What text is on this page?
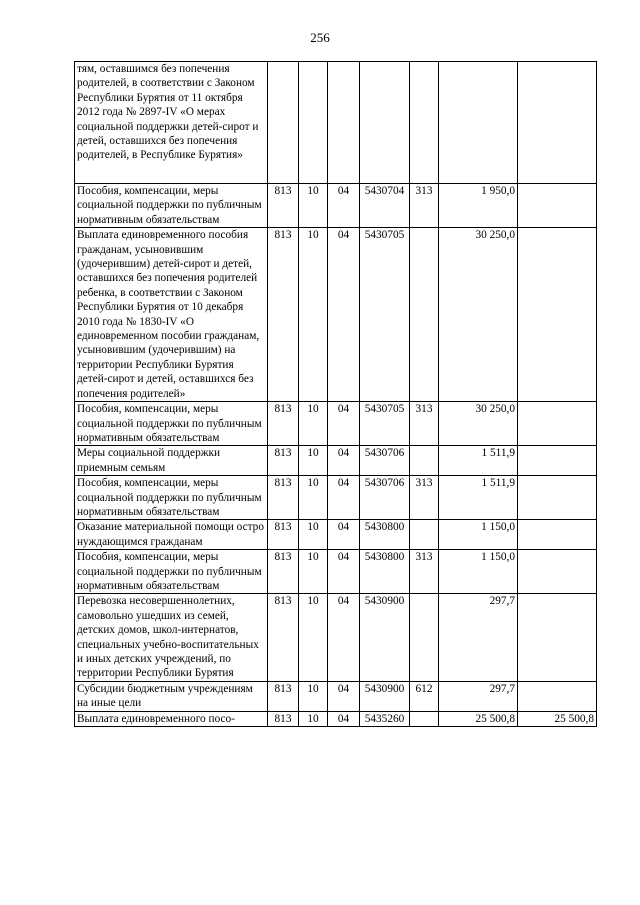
256
тям, оставшимся без попечения родителей, в соответствии с Законом Республики Бурятия от 11 октября 2012 года № 2897-IV «О мерах социальной поддержки детей-сирот и детей, оставшихся без попечения родителей, в Республике Бурятия»							
Пособия, компенсации, меры социальной поддержки по публичным нормативным обязательствам	813	10	04	5430704	313	1 950,0	
Выплата единовременного пособия гражданам, усыновившим (удочерившим) детей-сирот и детей, оставшихся без попечения родителей ребенка, в соответствии с Законом Республики Бурятия от 10 декабря 2010 года № 1830-IV «О единовременном пособии гражданам, усыновившим (удочерившим) на территории Республики Бурятия детей-сирот и детей, оставшихся без попечения родителей»	813	10	04	5430705		30 250,0	
Пособия, компенсации, меры социальной поддержки по публичным нормативным обязательствам	813	10	04	5430705	313	30 250,0	
Меры социальной поддержки приемным семьям	813	10	04	5430706		1 511,9	
Пособия, компенсации, меры социальной поддержки по публичным нормативным обязательствам	813	10	04	5430706	313	1 511,9	
Оказание материальной помощи остро нуждающимся гражданам	813	10	04	5430800		1 150,0	
Пособия, компенсации, меры социальной поддержки по публичным нормативным обязательствам	813	10	04	5430800	313	1 150,0	
Перевозка несовершеннолетних, самовольно ушедших из семей, детских домов, школ-интернатов, специальных учебно-воспитательных и иных детских учреждений, по территории Республики Бурятия	813	10	04	5430900		297,7	
Субсидии бюджетным учреждениям на иные цели	813	10	04	5430900	612	297,7	
Выплата единовременного посо-	813	10	04	5435260		25 500,8	25 500,8
